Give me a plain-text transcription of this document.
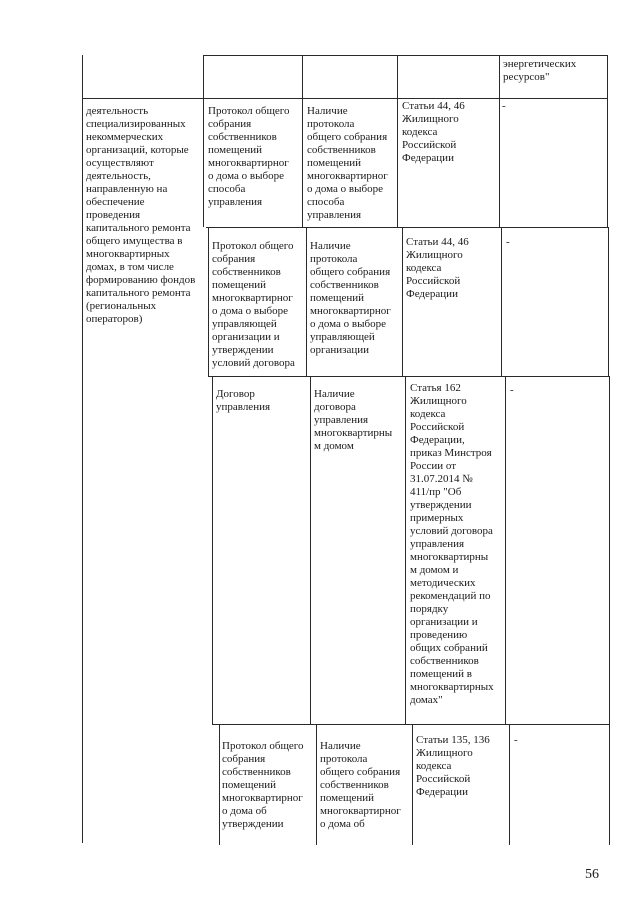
энергетических
ресурсов"
деятельность
специализированных
некоммерческих
организаций, которые
осуществляют
деятельность,
направленную на
обеспечение
проведения
капитального ремонта
общего имущества в
многоквартирных
домах, в том числе
формированию фондов
капитального ремонта
(региональных
операторов)
Протокол общего
собрания
собственников
помещений
многоквартирног
о дома о выборе
способа
управления
Наличие
протокола
общего собрания
собственников
помещений
многоквартирног
о дома о выборе
способа
управления
Статьи 44, 46
Жилищного
кодекса
Российской
Федерации
-
Протокол общего
собрания
собственников
помещений
многоквартирног
о дома о выборе
управляющей
организации и
утверждении
условий договора
Наличие
протокола
общего собрания
собственников
помещений
многоквартирног
о дома о выборе
управляющей
организации
Статьи 44, 46
Жилищного
кодекса
Российской
Федерации
-
Договор
управления
Наличие
договора
управления
многоквартирны
м домом
Статья 162
Жилищного
кодекса
Российской
Федерации,
приказ Минстроя
России от
31.07.2014 №
411/пр "Об
утверждении
примерных
условий договора
управления
многоквартирны
м домом и
методических
рекомендаций по
порядку
организации и
проведению
общих собраний
собственников
помещений в
многоквартирных
домах"
-
Протокол общего
собрания
собственников
помещений
многоквартирног
о дома об
утверждении
Наличие
протокола
общего собрания
собственников
помещений
многоквартирног
о дома об
Статьи 135, 136
Жилищного
кодекса
Российской
Федерации
-
56
